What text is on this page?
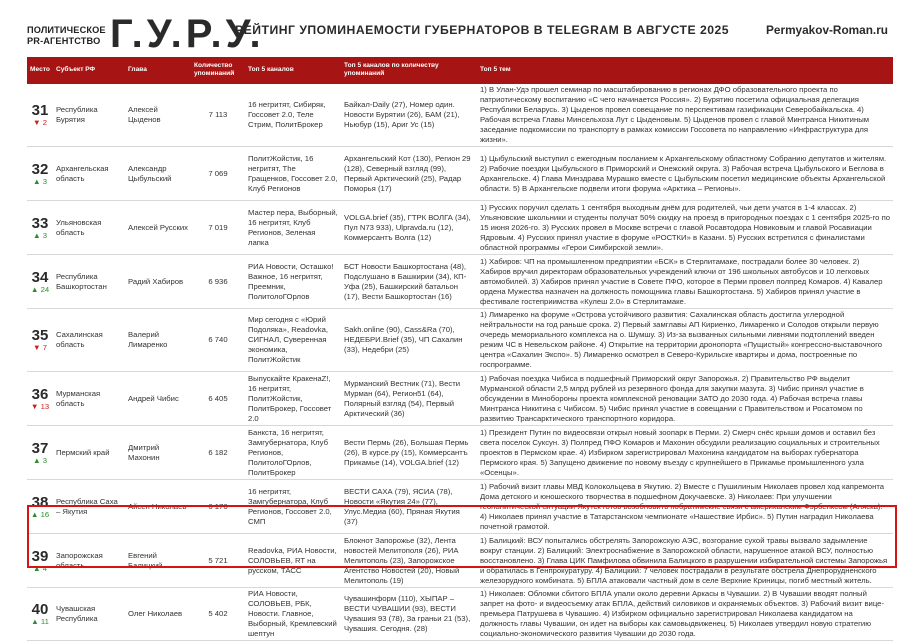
ПОЛИТИЧЕСКОЕ
PR-АГЕНТСТВО Г.У.Р.У.
РЕЙТИНГ УПОМИНАЕМОСТИ ГУБЕРНАТОРОВ В TELEGRAM В АВГУСТЕ 2025	Permyakov-Roman.ru
Место	Субъект РФ	Глава	Количество упоминаний	Топ 5 каналов	Топ 5 каналов по количеству упоминаний	Топ 5 тем

31
▼ 2	Республика Бурятия	Алексей Цыденов	7 113	16 негритят, Сибиряк, Госсовет 2.0, Теле Стрим, ПолитБрокер	Байкал-Daily (27), Номер один. Новости Бурятии (26), БАМ (21), Ньюбур (15), Ариг Ус (15)	1) В Улан-Удэ прошел семинар по масштабированию в регионах ДФО образовательного проекта по патриотическому воспитанию «С чего начинается Россия». 2) Бурятию посетила официальная делегация Республики Беларусь. 3) Цыденов провел совещание по перспективам газификации Северобайкальска. 4) Рабочая встреча Главы Минсельхоза Лут с Цыденовым. 5) Цыденов провел с главой Минтранса Никитиным заседание подкомиссии по транспорту в рамках комиссии Госсовета по направлению «Инфраструктура для жизни».

32
▲ 3	Архангельская область	Александр Цыбульский	7 069	ПолитЖойстик, 16 негритят, The Гращенков, Госсовет 2.0, Клуб Регионов	Архангельский Кот (130), Регион 29 (128), Северный взгляд (99), Первый Арктический (25), Радар Поморья (17)	1) Цыбульский выступил с ежегодным посланием к Архангельскому областному Собранию депутатов и жителям. 2) Рабочие поездки Цыбульского в Приморский и Онежский округа. 3) Рабочая встреча Цыбульского и Беглова в Архангельске. 4) Глава Минздрава Мурашко вместе с Цыбульским посетил медицинские объекты Архангельской области. 5) В Архангельске подвели итоги форума «Арктика – Регионы».

33
▲ 3	Ульяновская область	Алексей Русских	7 019	Мастер пера, Выборный, 16 негритят, Клуб Регионов, Зеленая лапка	VOLGA.brief (35), ГТРК ВОЛГА (34), Пул N73 933), Ulpravda.ru (12), Коммерсантъ Волга (12)	1) Русских поручил сделать 1 сентября выходным днём для родителей, чьи дети учатся в 1-4 классах. 2) Ульяновские школьники и студенты получат 50% скидку на проезд в пригородных поездах с 1 сентября 2025-го по 15 июня 2026-го. 3) Русских провел в Москве встречи с главой Росавтодора Новиковым и главой Росавиации Ядровым. 4) Русских принял участие в форуме «РОСТКИ» в Казани. 5) Русских встретился с финалистами областной программы «Герои Симбирской земли».

34
▲ 24	Республика Башкортостан	Радий Хабиров	6 936	РИА Новости, Осташко! Важное, 16 негритят, Преемник, ПолитолоГОрлов	БСТ Новости Башкортостана (48), Подслушано в Башкирии (34), КП-Уфа (25), Башкирский батальон (17), Вести Башкортостан (16)	1) Хабиров: ЧП на промышленном предприятии «БСК» в Стерлитамаке, пострадали более 30 человек. 2) Хабиров вручил директорам образовательных учреждений ключи от 196 школьных автобусов и 10 легковых автомобилей. 3) Хабиров принял участие в Совете ПФО, которое в Перми провел полпред Комаров. 4) Кавалер ордена Мужества назначен на должность помощника главы Башкортостана. 5) Хабиров принял участие в фестивале гостеприимства «Кулеш 2.0» в Стерлитамаке.

35
▼ 7	Сахалинская область	Валерий Лимаренко	6 740	Мир сегодня с «Юрий Подоляка», Readovka, СИГНАЛ, Суверенная экономика, ПолитЖойстик	Sakh.online (90), Cass&Ra (70), НЕДЕБРИ.Brief (35), ЧП Сахалин (33), Недебри (25)	1) Лимаренко на форуме «Острова устойчивого развития: Сахалинская область достигла углеродной нейтральности на год раньше срока. 2) Первый замглавы АП Кириенко, Лимаренко и Солодов открыли первую очередь мемориального комплекса на о. Шумшу. 3) Из-за вызванных сильными ливнями подтоплений введен режим ЧС в Невельском районе. 4) Открытие на территории дронопорта «Пущистый» конгрессно-выставочного центра «Сахалин Экспо». 5) Лимаренко осмотрел в Северо-Курильске квартиры и дома, построенные по госпрограмме.

36
▼ 13	Мурманская область	Андрей Чибис	6 405	Выпускайте КракенаZ!, 16 негритят, ПолитЖойстик, ПолитБрокер, Госсовет 2.0	Мурманский Вестник (71), Вести Мурман (64), Регион51 (64), Полярный взгляд (54), Первый Арктический (36)	1) Рабочая поездка Чибиса в подшефный Приморский округ Запорожья. 2) Правительство РФ выделит Мурманской области 2,5 млрд рублей из резервного фонда для закупки мазута. 3) Чибис принял участие в обсуждении в Минобороны проекта комплексной реновации ЗАТО до 2030 года. 4) Рабочая встреча главы Минтранса Никитина с Чибисом. 5) Чибис принял участие в совещании с Правительством и Росатомом по развитию Трансарктического транспортного коридора.

37
▲ 3	Пермский край	Дмитрий Махонин	6 182	Банкста, 16 негритят, Замгубернатора, Клуб Регионов, ПолитолоГОрлов, ПолитБрокер	Вести Пермь (26), Большая Пермь (26), В курсе.ру (15), Коммерсантъ Прикамье (14), VOLGA.brief (12)	1) Президент Путин по видеосвязи открыл новый зоопарк в Перми. 2) Смерч снёс крыши домов и оставил без света поселок Суксун. 3) Полпред ПФО Комаров и Махонин обсудили реализацию социальных и строительных проектов в Пермском крае. 4) Избирком зарегистрировал Махонина кандидатом на выборах губернатора Пермского края. 5) Запущено движение по новому въезду с крупнейшего в Прикамье промышленного узла «Осенцы».

38
▲ 16	Республика Саха – Якутия	Айсен Николаев	6 176	16 негритят, Замгубернатора, Клуб Регионов, Госсовет 2.0, СМП	ВЕСТИ САХА (79), ЯСИА (78), Новости «Якутия 24» (77), Улус.Медиа (60), Пряная Якутия (37)	1) Рабочий визит главы МВД Колокольцева в Якутию. 2) Вместе с Пушилиным Николаев провел ход капремонта Дома детского и юношеского творчества в подшефном Докучаевске. 3) Николаев: При улучшении геополитической ситуации Якутск готов возобновить побратимские связи с американским Фэрбенксом (Аляска). 4) Николаев принял участие в Татарстанском чемпионате «Нашествие Ирбис». 5) Путин наградил Николаева почетной грамотой.

39
▲ 4	Запорожская область	Евгений Балицкий	5 721	Readovka, РИА Новости, СОЛОВЬЕВ, RT на русском, ТАСС	Блокнот Запорожье (32), Лента новостей Мелитополя (26), РИА Мелитополь (23), Запорожское Агентство Новостей (20), Новый Мелитополь (19)	1) Балицкий: ВСУ попытались обстрелять Запорожскую АЭС, возгорание сухой травы вызвало задымление вокруг станции. 2) Балицкий: Электроснабжение в Запорожской области, нарушенное атакой ВСУ, полностью восстановлено. 3) Глава ЦИК Памфилова обвинила Балицкого в разрушении избирательной системы Запорожья и обратилась в Генпрокуратуру. 4) Балицкий: 7 человек пострадали в результате обстрела Днепрорудненского железорудного комбината. 5) БПЛА атаковали частный дом в селе Верхние Криницы, погиб местный житель.

40
▲ 11	Чувашская Республика	Олег Николаев	5 402	РИА Новости, СОЛОВЬЕВ, РБК, Новости. Главное, Выборный, Кремлевский шептун	Чувашинформ (110), ХЫПАР – ВЕСТИ ЧУВАШИИ (93), ВЕСТИ Чувашия 93 (78), За граньи 21 (53), Чувашия. Сегодня. (28)	1) Николаев: Обломки сбитого БПЛА упали около деревни Аркасы в Чувашии. 2) В Чувашии вводят полный запрет на фото- и видеосъемку атак БПЛА, действий силовиков и охраняемых объектов. 3) Рабочий визит вице-премьера Патрушева в Чувашию. 4) Избирком официально зарегистрировал Николаева кандидатом на должность главы Чувашии, он идет на выборы как самовыдвиженец. 5) Николаев утвердил новую стратегию социально-экономического развития Чувашии до 2030 года.
